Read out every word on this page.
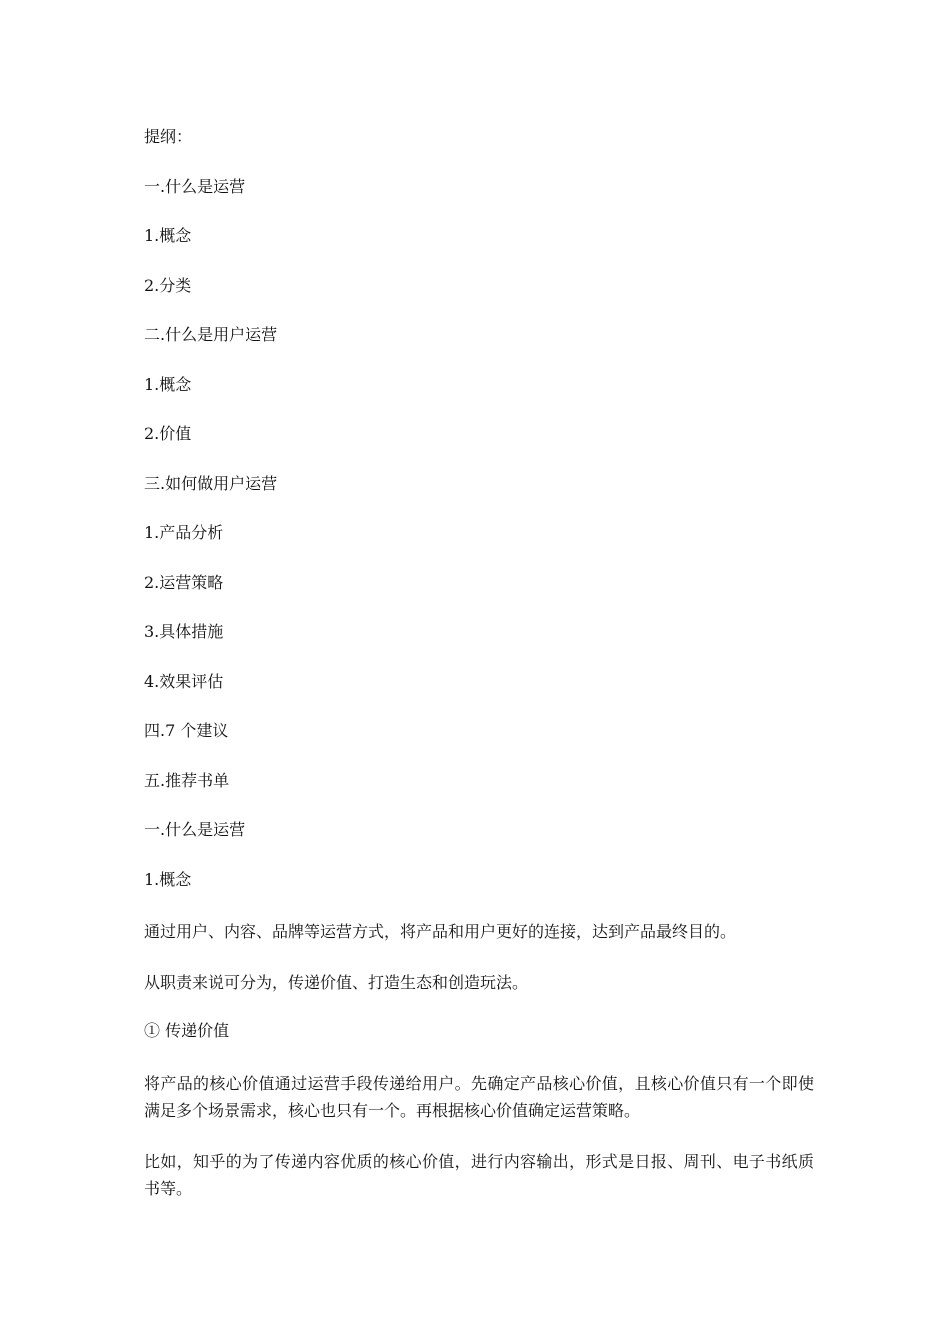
提纲：
一.什么是运营
1.概念
2.分类
二.什么是用户运营
1.概念
2.价值
三.如何做用户运营
1.产品分析
2.运营策略
3.具体措施
4.效果评估
四.7 个建议
五.推荐书单
一.什么是运营
1.概念
通过用户、内容、品牌等运营方式，将产品和用户更好的连接，达到产品最终目的。
从职责来说可分为，传递价值、打造生态和创造玩法。
① 传递价值
将产品的核心价值通过运营手段传递给用户。先确定产品核心价值，且核心价值只有一个即使满足多个场景需求，核心也只有一个。再根据核心价值确定运营策略。
比如，知乎的为了传递内容优质的核心价值，进行内容输出，形式是日报、周刊、电子书纸质书等。
